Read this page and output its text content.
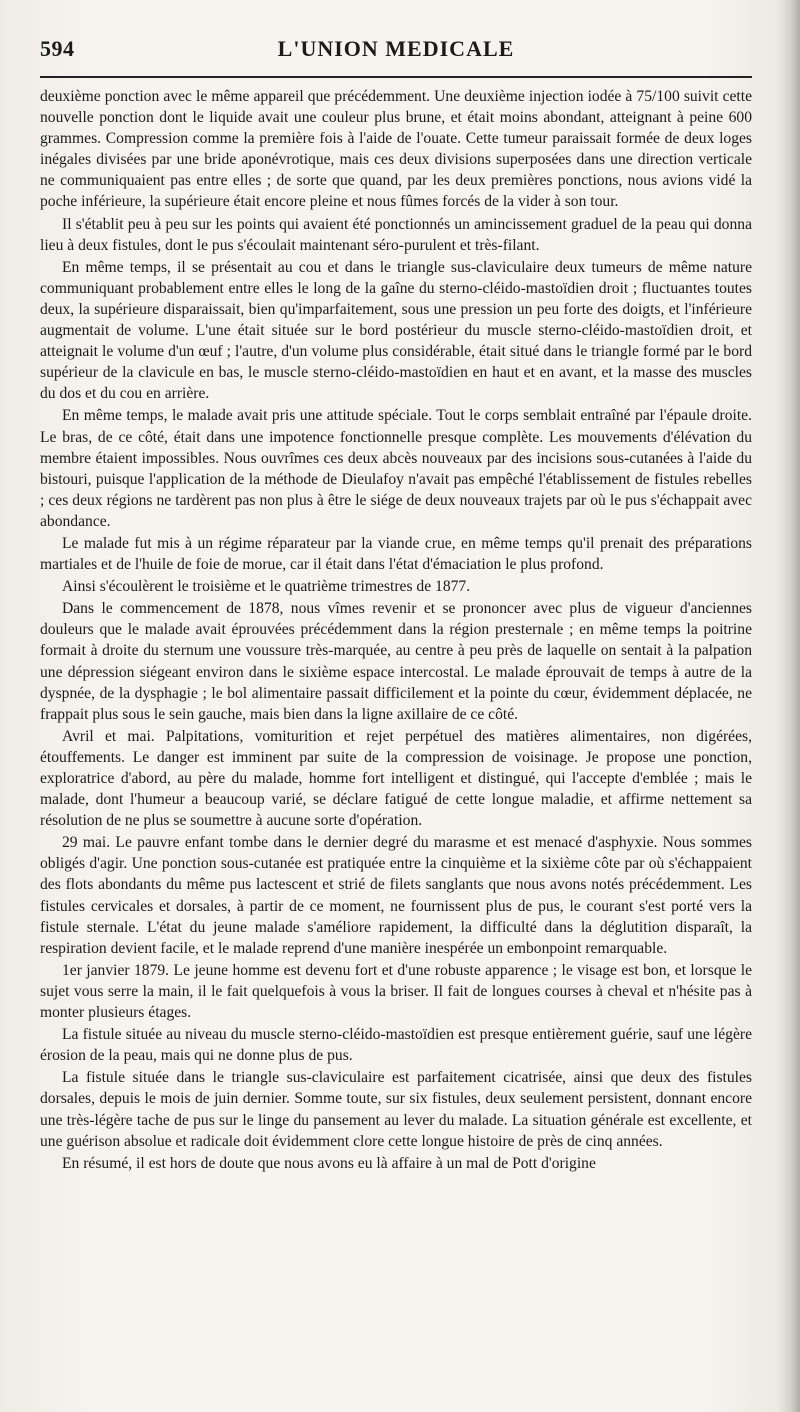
594	L'UNION MEDICALE

deuxième ponction avec le même appareil que précédemment. Une deuxième injection iodée à 75/100 suivit cette nouvelle ponction dont le liquide avait une couleur plus brune, et était moins abondant, atteignant à peine 600 grammes. Compression comme la première fois à l'aide de l'ouate. Cette tumeur paraissait formée de deux loges inégales divisées par une bride aponévrotique, mais ces deux divisions superposées dans une direction verticale ne communiquaient pas entre elles ; de sorte que quand, par les deux premières ponctions, nous avions vidé la poche inférieure, la supérieure était encore pleine et nous fûmes forcés de la vider à son tour.

Il s'établit peu à peu sur les points qui avaient été ponctionnés un amincissement graduel de la peau qui donna lieu à deux fistules, dont le pus s'écoulait maintenant séro-purulent et très-filant.

En même temps, il se présentait au cou et dans le triangle sus-claviculaire deux tumeurs de même nature communiquant probablement entre elles le long de la gaîne du sterno-cléido-mastoïdien droit ; fluctuantes toutes deux, la supérieure disparaissait, bien qu'imparfaitement, sous une pression un peu forte des doigts, et l'inférieure augmentait de volume. L'une était située sur le bord postérieur du muscle sterno-cléido-mastoïdien droit, et atteignait le volume d'un œuf ; l'autre, d'un volume plus considérable, était situé dans le triangle formé par le bord supérieur de la clavicule en bas, le muscle sterno-cléido-mastoïdien en haut et en avant, et la masse des muscles du dos et du cou en arrière.

En même temps, le malade avait pris une attitude spéciale. Tout le corps semblait entraîné par l'épaule droite. Le bras, de ce côté, était dans une impotence fonctionnelle presque complète. Les mouvements d'élévation du membre étaient impossibles. Nous ouvrîmes ces deux abcès nouveaux par des incisions sous-cutanées à l'aide du bistouri, puisque l'application de la méthode de Dieulafoy n'avait pas empêché l'établissement de fistules rebelles ; ces deux régions ne tardèrent pas non plus à être le siége de deux nouveaux trajets par où le pus s'échappait avec abondance.

Le malade fut mis à un régime réparateur par la viande crue, en même temps qu'il prenait des préparations martiales et de l'huile de foie de morue, car il était dans l'état d'émaciation le plus profond.

Ainsi s'écoulèrent le troisième et le quatrième trimestres de 1877.

Dans le commencement de 1878, nous vîmes revenir et se prononcer avec plus de vigueur d'anciennes douleurs que le malade avait éprouvées précédemment dans la région presternale ; en même temps la poitrine formait à droite du sternum une voussure très-marquée, au centre à peu près de laquelle on sentait à la palpation une dépression siégeant environ dans le sixième espace intercostal. Le malade éprouvait de temps à autre de la dyspnée, de la dysphagie ; le bol alimentaire passait difficilement et la pointe du cœur, évidemment déplacée, ne frappait plus sous le sein gauche, mais bien dans la ligne axillaire de ce côté.

Avril et mai. Palpitations, vomiturition et rejet perpétuel des matières alimentaires, non digérées, étouffements. Le danger est imminent par suite de la compression de voisinage. Je propose une ponction, exploratrice d'abord, au père du malade, homme fort intelligent et distingué, qui l'accepte d'emblée ; mais le malade, dont l'humeur a beaucoup varié, se déclare fatigué de cette longue maladie, et affirme nettement sa résolution de ne plus se soumettre à aucune sorte d'opération.

29 mai. Le pauvre enfant tombe dans le dernier degré du marasme et est menacé d'asphyxie. Nous sommes obligés d'agir. Une ponction sous-cutanée est pratiquée entre la cinquième et la sixième côte par où s'échappaient des flots abondants du même pus lactescent et strié de filets sanglants que nous avons notés précédemment. Les fistules cervicales et dorsales, à partir de ce moment, ne fournissent plus de pus, le courant s'est porté vers la fistule sternale. L'état du jeune malade s'améliore rapidement, la difficulté dans la déglutition disparaît, la respiration devient facile, et le malade reprend d'une manière inespérée un embonpoint remarquable.

1er janvier 1879. Le jeune homme est devenu fort et d'une robuste apparence ; le visage est bon, et lorsque le sujet vous serre la main, il le fait quelquefois à vous la briser. Il fait de longues courses à cheval et n'hésite pas à monter plusieurs étages.

La fistule située au niveau du muscle sterno-cléido-mastoïdien est presque entièrement guérie, sauf une légère érosion de la peau, mais qui ne donne plus de pus.

La fistule située dans le triangle sus-claviculaire est parfaitement cicatrisée, ainsi que deux des fistules dorsales, depuis le mois de juin dernier. Somme toute, sur six fistules, deux seulement persistent, donnant encore une très-légère tache de pus sur le linge du pansement au lever du malade. La situation générale est excellente, et une guérison absolue et radicale doit évidemment clore cette longue histoire de près de cinq années.

En résumé, il est hors de doute que nous avons eu là affaire à un mal de Pott d'origine
